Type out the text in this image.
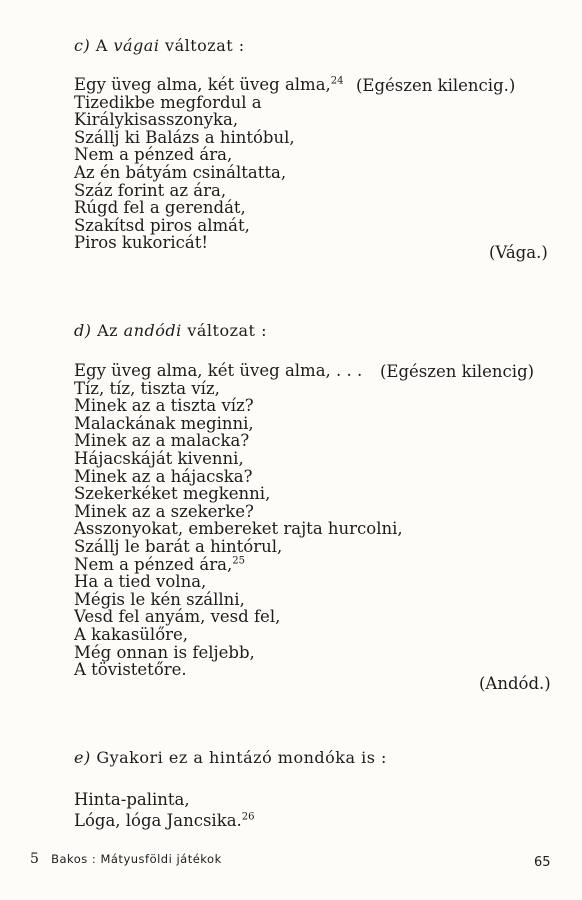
c) A vágai változat :
Egy üveg alma, két üveg alma,$^{24}$
Tizedikbe megfordul a
Királykisasszonyka,
Szállj ki Balázs a hintóbul,
Nem a pénzed ára,
Az én bátyám csináltatta,
Száz forint az ára,
Rúgd fel a gerendát,
Szakítsd piros almát,
Piros kukoricát!
(Egészen kilencig.)
(Vága.)
d) Az andódi változat :
Egy üveg alma, két üveg alma, . . .
Tíz, tíz, tiszta víz,
Minek az a tiszta víz?
Malackának meginni,
Minek az a malacka?
Hájacskáját kivenni,
Minek az a hájacska?
Szekerkéket megkenni,
Minek az a szekerke?
Asszonyokat, embereket rajta hurcolni,
Szállj le barát a hintórul,
Nem a pénzed ára,$^{25}$
Ha a tied volna,
Mégis le kén szállni,
Vesd fel anyám, vesd fel,
A kakasülőre,
Még onnan is feljebb,
A tövistetőre.
(Egészen kilencig)
(Andód.)
e) Gyakori ez a hintázó mondóka is :
Hinta-palinta,
Lóga, lóga Jancsika.$^{26}$
5 Bakos : Mátyusföldi játékok	65
